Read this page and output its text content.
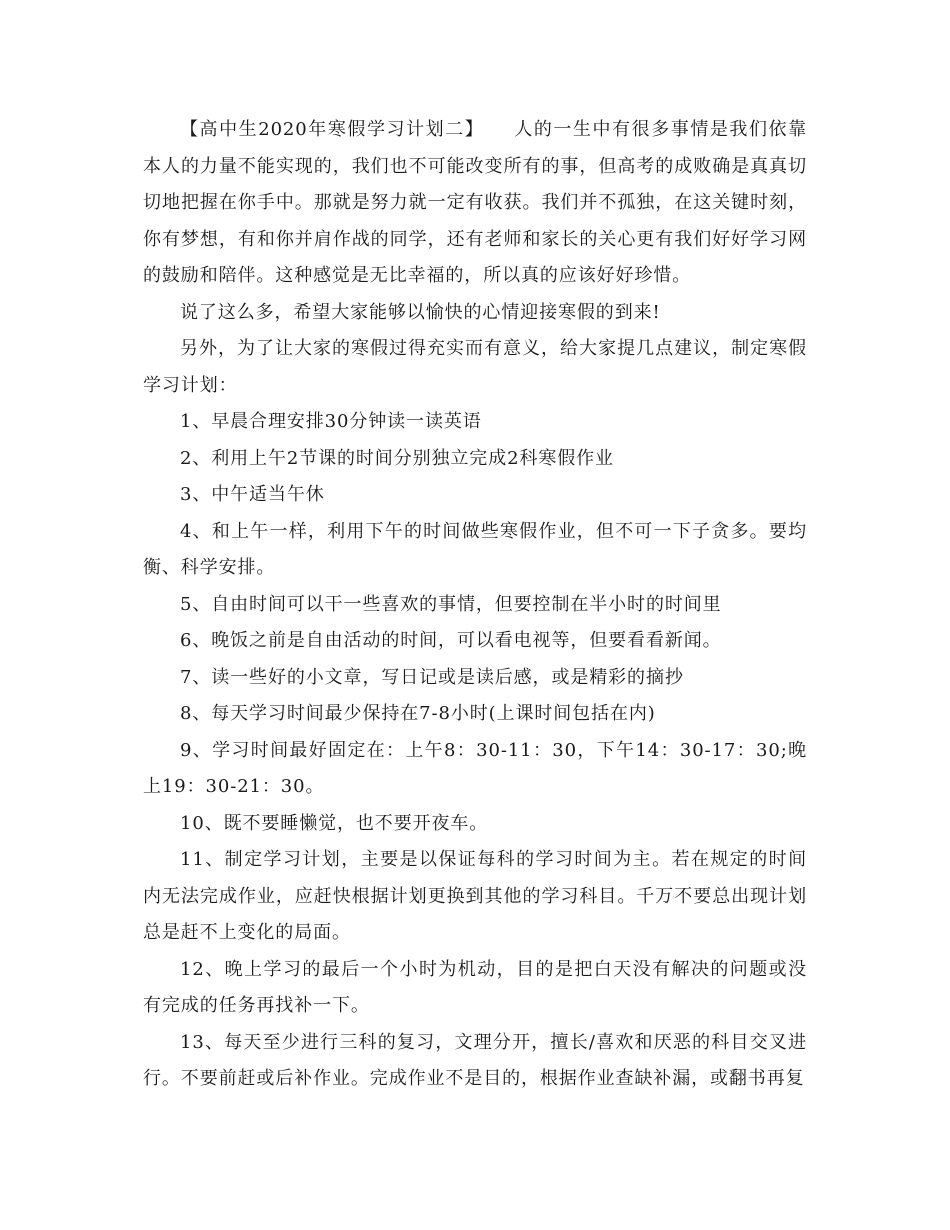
【高中生2020年寒假学习计划二】 人的一生中有很多事情是我们依靠本人的力量不能实现的，我们也不可能改变所有的事，但高考的成败确是真真切切地把握在你手中。那就是努力就一定有收获。我们并不孤独，在这关键时刻，你有梦想，有和你并肩作战的同学，还有老师和家长的关心更有我们好好学习网的鼓励和陪伴。这种感觉是无比幸福的，所以真的应该好好珍惜。

说了这么多，希望大家能够以愉快的心情迎接寒假的到来!

另外，为了让大家的寒假过得充实而有意义，给大家提几点建议，制定寒假学习计划：

1、早晨合理安排30分钟读一读英语

2、利用上午2节课的时间分别独立完成2科寒假作业

3、中午适当午休

4、和上午一样，利用下午的时间做些寒假作业，但不可一下子贪多。要均衡、科学安排。

5、自由时间可以干一些喜欢的事情，但要控制在半小时的时间里

6、晚饭之前是自由活动的时间，可以看电视等，但要看看新闻。

7、读一些好的小文章，写日记或是读后感，或是精彩的摘抄

8、每天学习时间最少保持在7-8小时(上课时间包括在内)

9、学习时间最好固定在：上午8：30-11：30，下午14：30-17：30;晚上19：30-21：30。

10、既不要睡懒觉，也不要开夜车。

11、制定学习计划，主要是以保证每科的学习时间为主。若在规定的时间内无法完成作业，应赶快根据计划更换到其他的学习科目。千万不要总出现计划总是赶不上变化的局面。

12、晚上学习的最后一个小时为机动，目的是把白天没有解决的问题或没有完成的任务再找补一下。

13、每天至少进行三科的复习，文理分开，擅长/喜欢和厌恶的科目交叉进行。不要前赶或后补作业。完成作业不是目的，根据作业查缺补漏，或翻书再复
